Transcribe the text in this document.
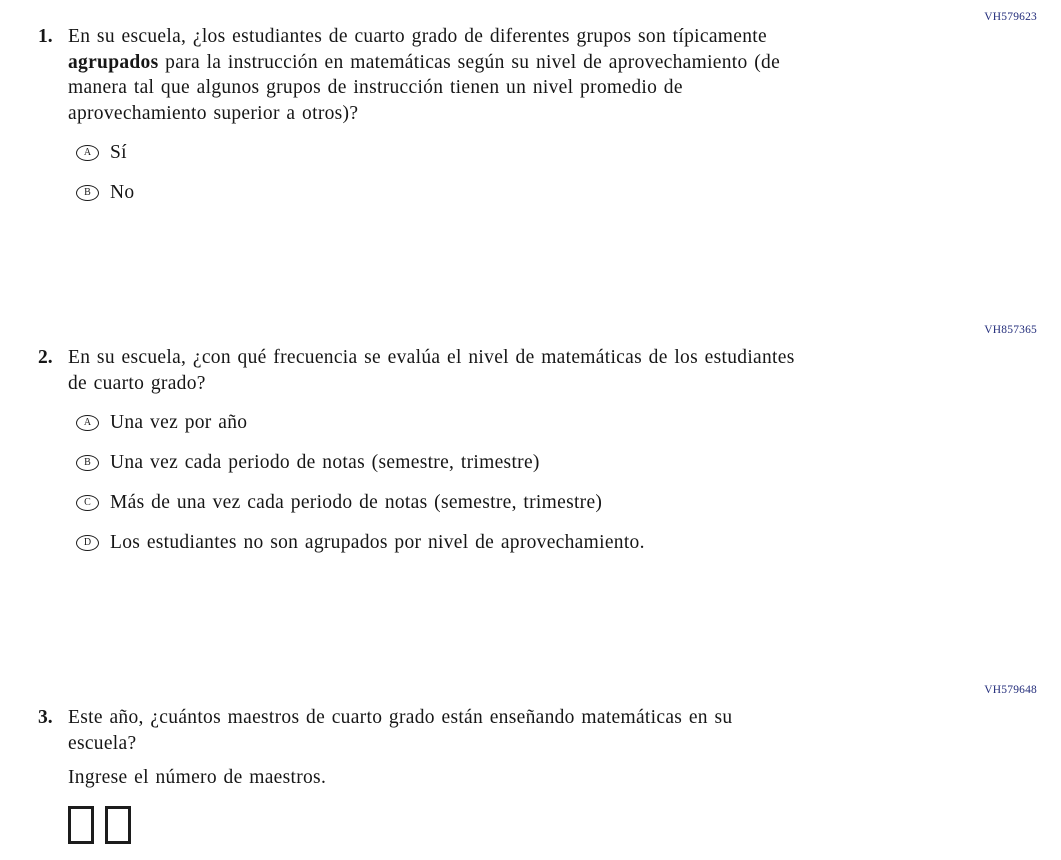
VH579623
1. En su escuela, ¿los estudiantes de cuarto grado de diferentes grupos son típicamente
agrupados para la instrucción en matemáticas según su nivel de aprovechamiento (de
manera tal que algunos grupos de instrucción tienen un nivel promedio de
aprovechamiento superior a otros)?
A Sí
B No
VH857365
2. En su escuela, ¿con qué frecuencia se evalúa el nivel de matemáticas de los estudiantes
de cuarto grado?
A Una vez por año
B Una vez cada periodo de notas (semestre, trimestre)
C Más de una vez cada periodo de notas (semestre, trimestre)
D Los estudiantes no son agrupados por nivel de aprovechamiento.
VH579648
3. Este año, ¿cuántos maestros de cuarto grado están enseñando matemáticas en su
escuela?
Ingrese el número de maestros.
